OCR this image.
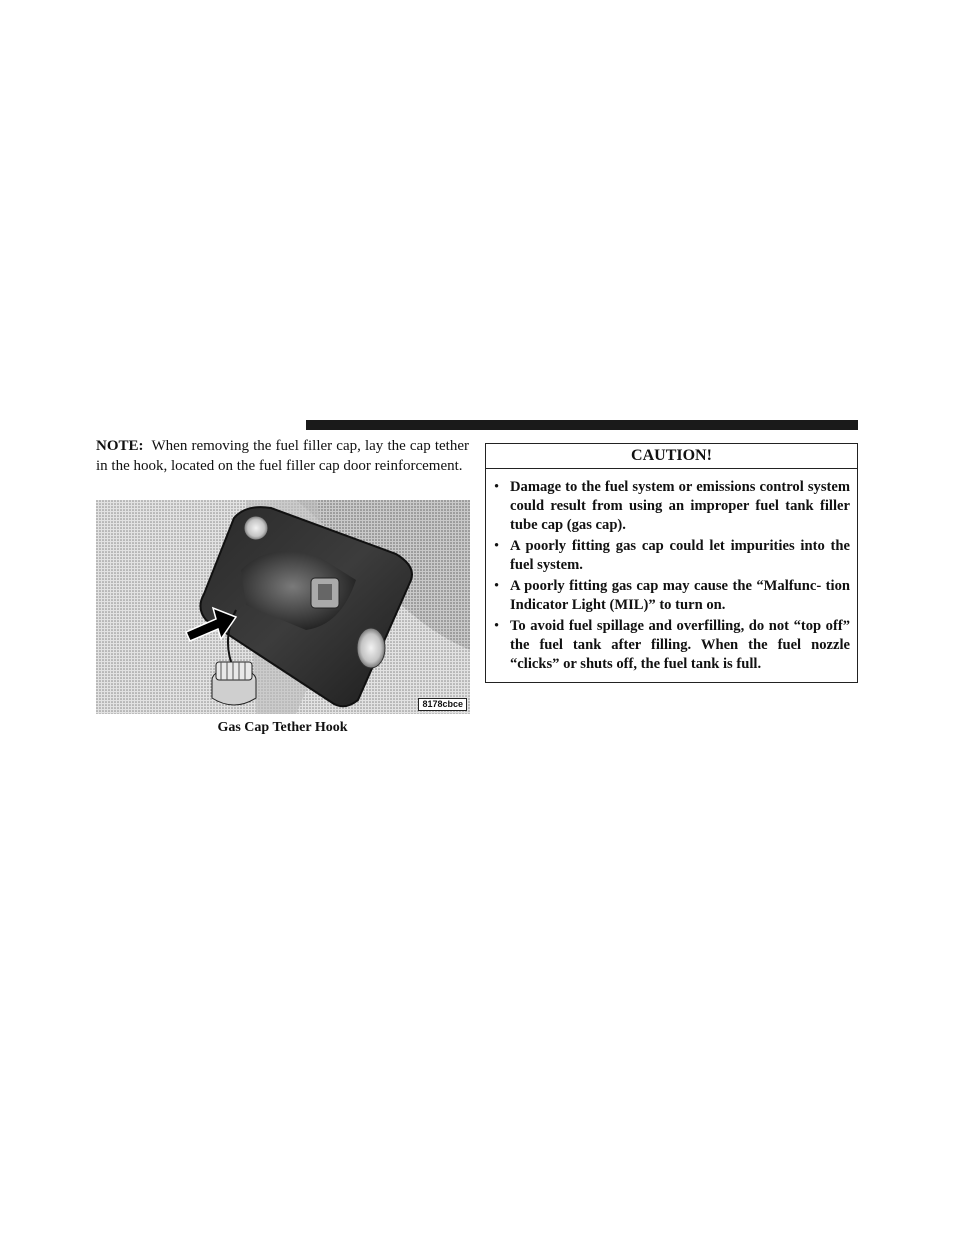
NOTE: When removing the fuel filler cap, lay the cap tether in the hook, located on the fuel filler cap door reinforcement.

8178cbce
Gas Cap Tether Hook
CAUTION!
• Damage to the fuel system or emissions control system could result from using an improper fuel tank filler tube cap (gas cap).
• A poorly fitting gas cap could let impurities into the fuel system.
• A poorly fitting gas cap may cause the “Malfunc- tion Indicator Light (MIL)” to turn on.
• To avoid fuel spillage and overfilling, do not “top off” the fuel tank after filling. When the fuel nozzle “clicks” or shuts off, the fuel tank is full.
